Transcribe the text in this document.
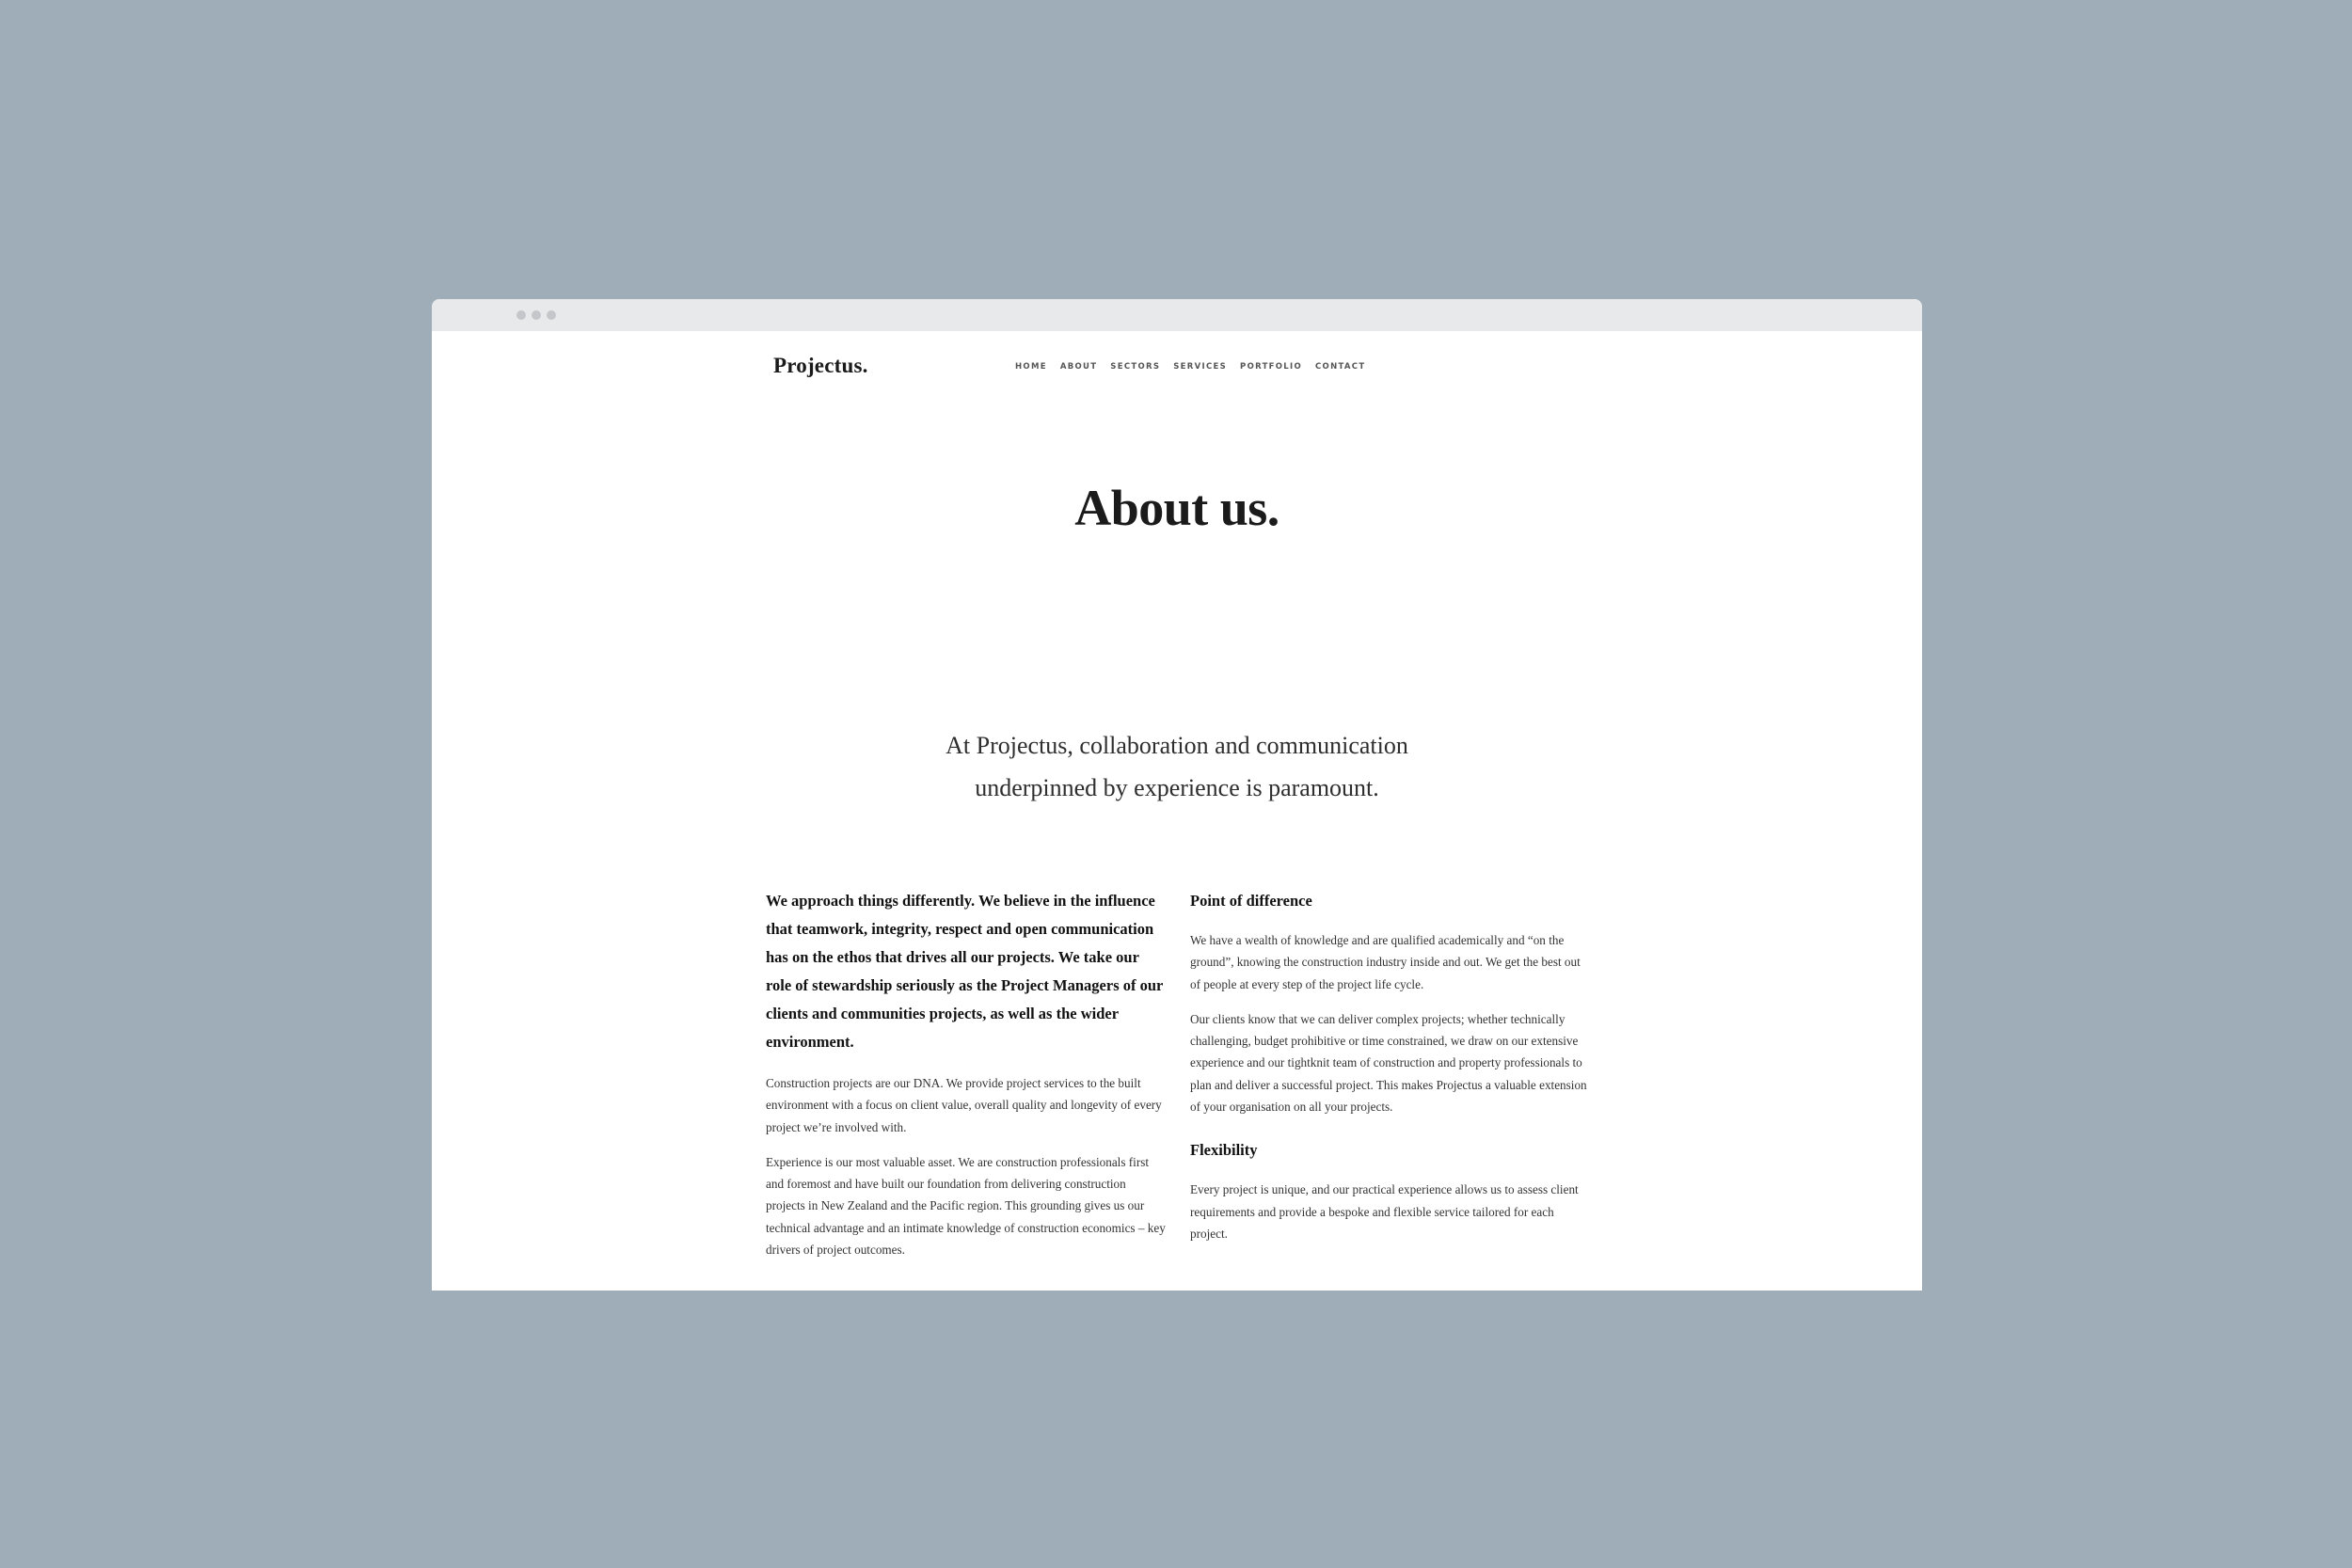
Projectus.	HOME ABOUT SECTORS SERVICES PORTFOLIO CONTACT
About us.

At Projectus, collaboration and communication
underpinned by experience is paramount.

We approach things differently. We believe in the influence that teamwork, integrity, respect and open communication has on the ethos that drives all our projects. We take our role of stewardship seriously as the Project Managers of our clients and communities projects, as well as the wider environment.

Construction projects are our DNA. We provide project services to the built environment with a focus on client value, overall quality and longevity of every project we’re involved with.

Experience is our most valuable asset. We are construction professionals first and foremost and have built our foundation from delivering construction projects in New Zealand and the Pacific region. This grounding gives us our technical advantage and an intimate knowledge of construction economics – key drivers of project outcomes.

Point of difference

We have a wealth of knowledge and are qualified academically and “on the ground”, knowing the construction industry inside and out. We get the best out of people at every step of the project life cycle.

Our clients know that we can deliver complex projects; whether technically challenging, budget prohibitive or time constrained, we draw on our extensive experience and our tightknit team of construction and property professionals to plan and deliver a successful project. This makes Projectus a valuable extension of your organisation on all your projects.

Flexibility

Every project is unique, and our practical experience allows us to assess client requirements and provide a bespoke and flexible service tailored for each project.
